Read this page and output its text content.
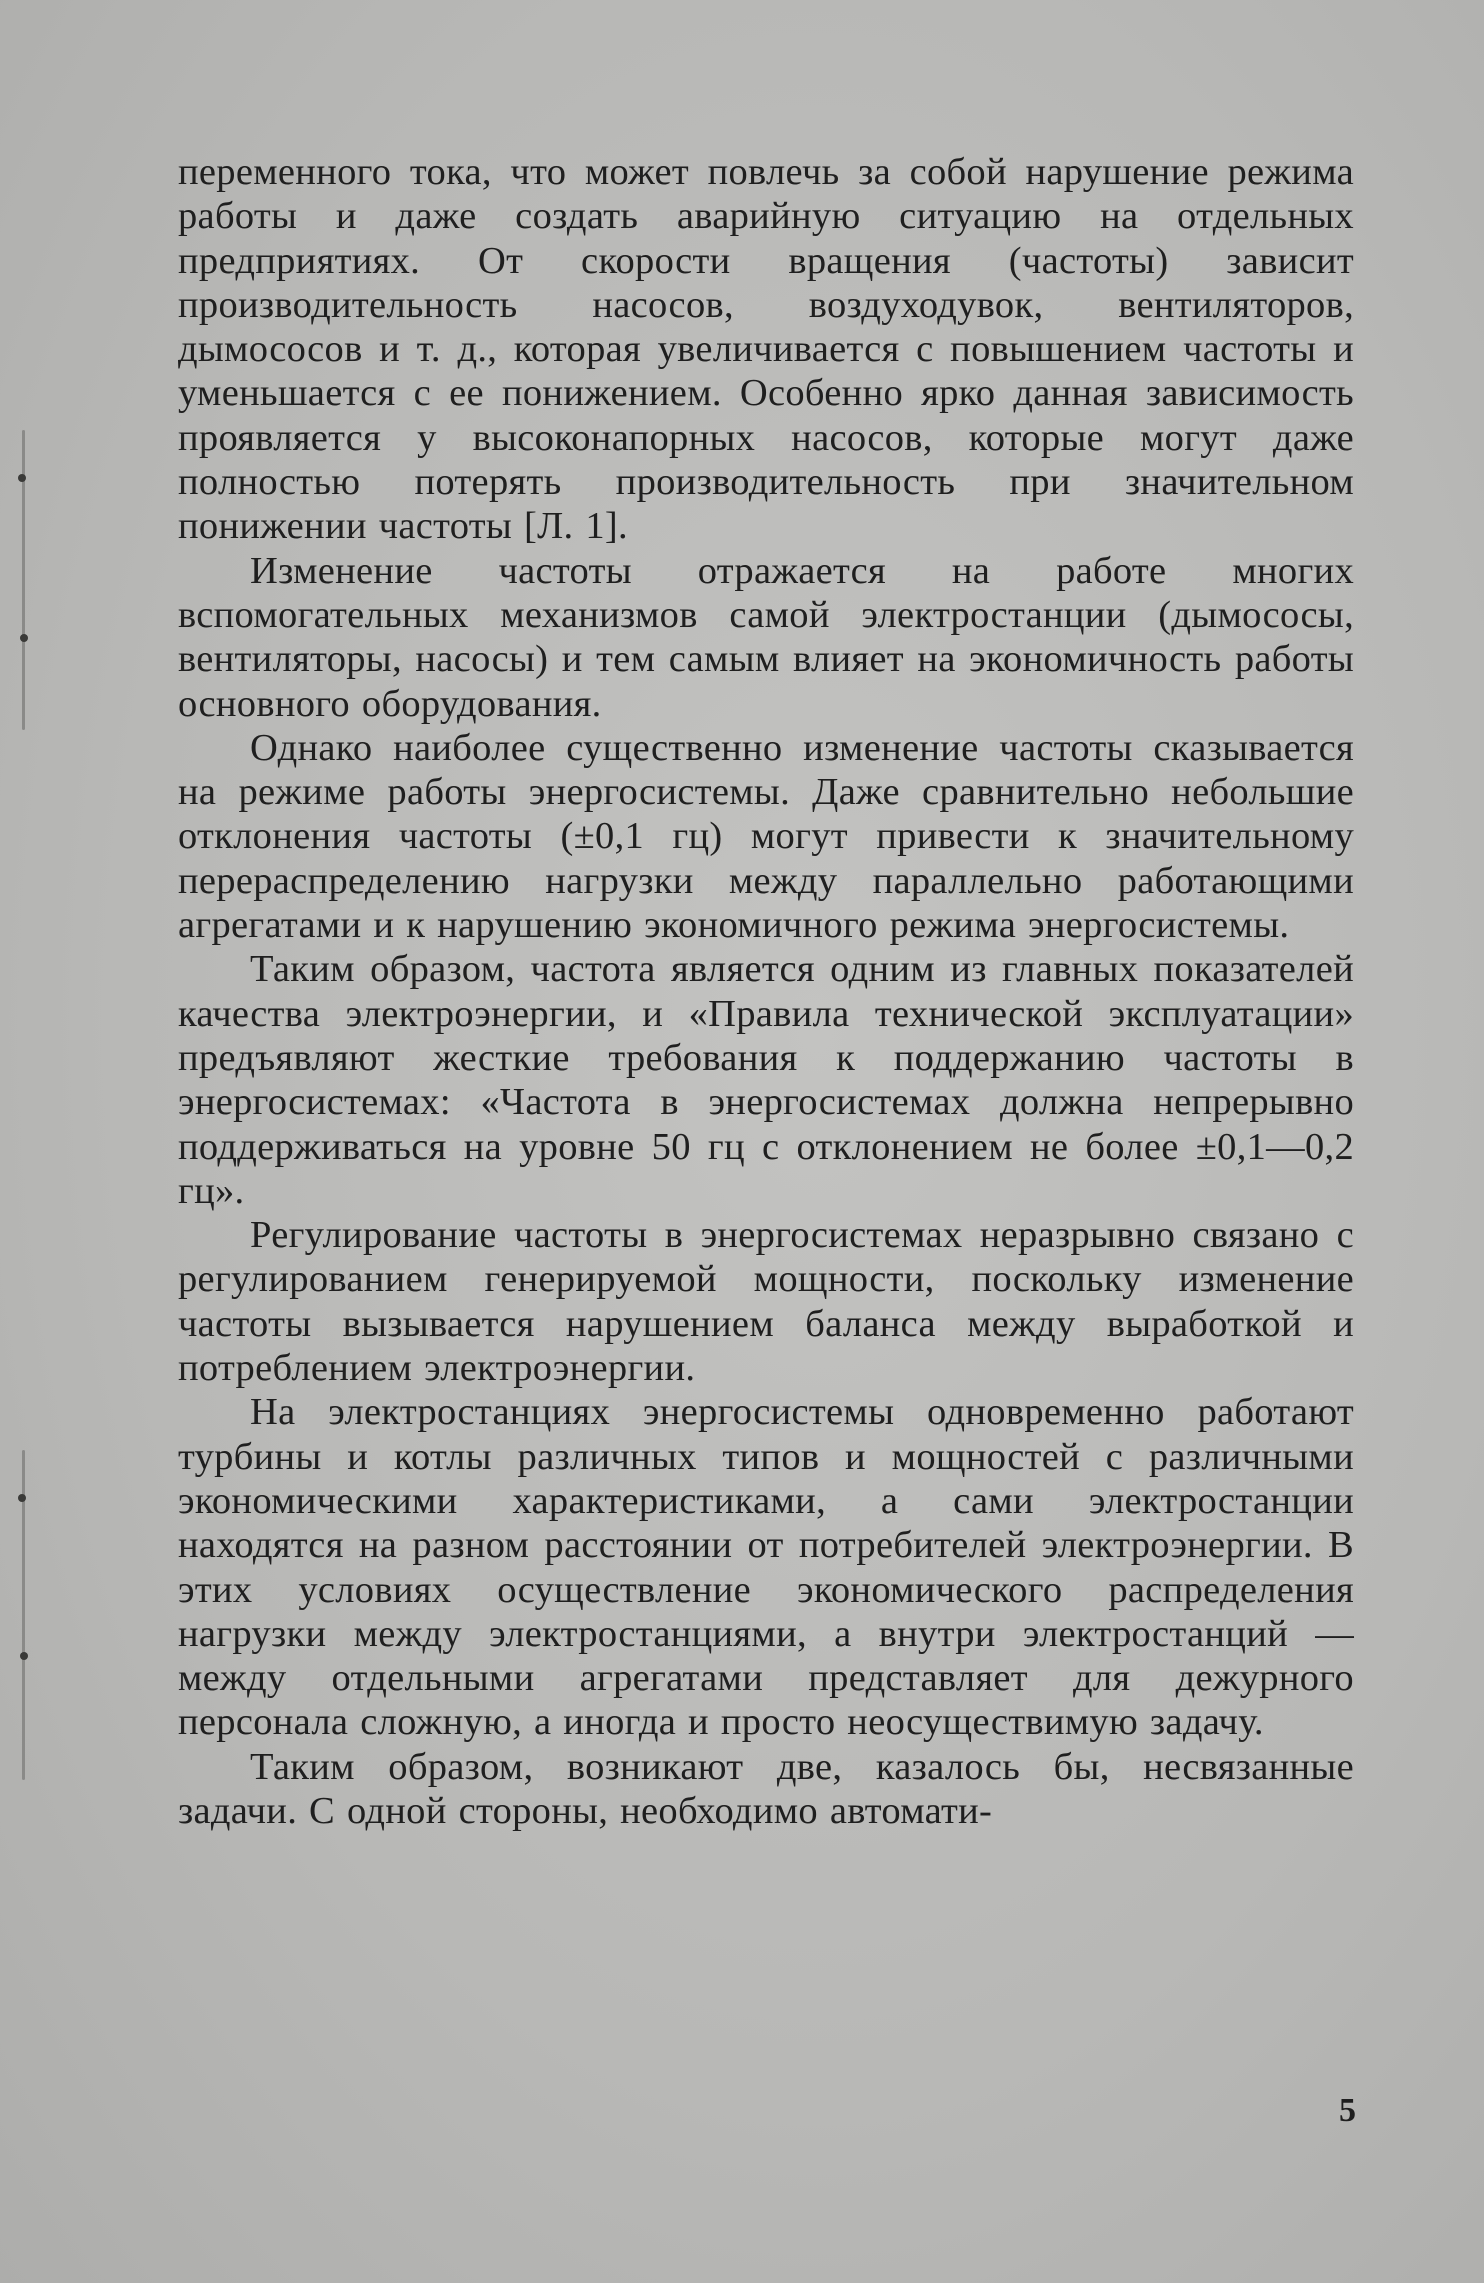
переменного тока, что может повлечь за собой нарушение режима работы и даже создать аварийную ситуацию на отдельных предприятиях. От скорости вращения (частоты) зависит производительность насосов, воздуходувок, вентиляторов, дымососов и т. д., которая увеличивается с повышением частоты и уменьшается с ее понижением. Особенно ярко данная зависимость проявляется у высоконапорных насосов, которые могут даже полностью потерять производительность при значительном понижении частоты [Л. 1].

Изменение частоты отражается на работе многих вспомогательных механизмов самой электростанции (дымососы, вентиляторы, насосы) и тем самым влияет на экономичность работы основного оборудования.

Однако наиболее существенно изменение частоты сказывается на режиме работы энергосистемы. Даже сравнительно небольшие отклонения частоты (±0,1 гц) могут привести к значительному перераспределению нагрузки между параллельно работающими агрегатами и к нарушению экономичного режима энергосистемы.

Таким образом, частота является одним из главных показателей качества электроэнергии, и «Правила технической эксплуатации» предъявляют жесткие требования к поддержанию частоты в энергосистемах: «Частота в энергосистемах должна непрерывно поддерживаться на уровне 50 гц с отклонением не более ±0,1—0,2 гц».

Регулирование частоты в энергосистемах неразрывно связано с регулированием генерируемой мощности, поскольку изменение частоты вызывается нарушением баланса между выработкой и потреблением электроэнергии.

На электростанциях энергосистемы одновременно работают турбины и котлы различных типов и мощностей с различными экономическими характеристиками, а сами электростанции находятся на разном расстоянии от потребителей электроэнергии. В этих условиях осуществление экономического распределения нагрузки между электростанциями, а внутри электростанций — между отдельными агрегатами представляет для дежурного персонала сложную, а иногда и просто неосуществимую задачу.

Таким образом, возникают две, казалось бы, несвязанные задачи. С одной стороны, необходимо автомати-

5
